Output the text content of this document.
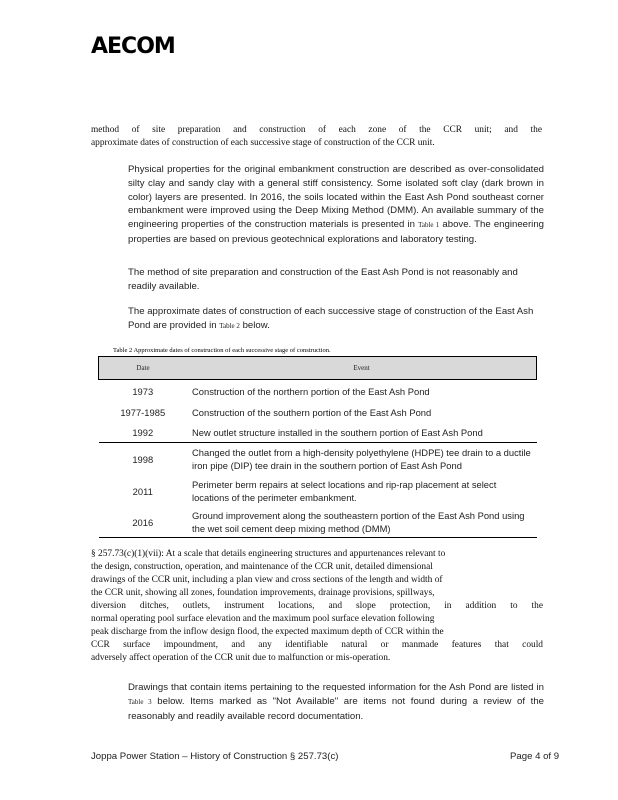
AECOM

method of site preparation and construction of each zone of the CCR unit; and the

approximate dates of construction of each successive stage of construction of the CCR unit.

Physical properties for the original embankment construction are described as over-consolidated silty clay and sandy clay with a general stiff consistency. Some isolated soft clay (dark brown in color) layers are presented. In 2016, the soils located within the East Ash Pond southeast corner embankment were improved using the Deep Mixing Method (DMM). An available summary of the engineering properties of the construction materials is presented in Table 1 above. The engineering properties are based on previous geotechnical explorations and laboratory testing.

The method of site preparation and construction of the East Ash Pond is not reasonably and readily available.

The approximate dates of construction of each successive stage of construction of the East Ash Pond are provided in Table 2 below.

Table 2 Approximate dates of construction of each successive stage of construction.
Date	Event
1973	Construction of the northern portion of the East Ash Pond
1977-1985	Construction of the southern portion of the East Ash Pond
1992	New outlet structure installed in the southern portion of East Ash Pond
1998	Changed the outlet from a high-density polyethylene (HDPE) tee drain to a ductile iron pipe (DIP) tee drain in the southern portion of East Ash Pond
2011	Perimeter berm repairs at select locations and rip-rap placement at select locations of the perimeter embankment.
2016	Ground improvement along the southeastern portion of the East Ash Pond using the wet soil cement deep mixing method (DMM)

§ 257.73(c)(1)(vii): At a scale that details engineering structures and appurtenances relevant to

the design, construction, operation, and maintenance of the CCR unit, detailed dimensional

drawings of the CCR unit, including a plan view and cross sections of the length and width of

the CCR unit, showing all zones, foundation improvements, drainage provisions, spillways,

diversion ditches, outlets, instrument locations, and slope protection, in addition to the

normal operating pool surface elevation and the maximum pool surface elevation following

peak discharge from the inflow design flood, the expected maximum depth of CCR within the

CCR surface impoundment, and any identifiable natural or manmade features that could

adversely affect operation of the CCR unit due to malfunction or mis-operation.

Drawings that contain items pertaining to the requested information for the Ash Pond are listed in Table 3 below. Items marked as "Not Available" are items not found during a review of the reasonably and readily available record documentation.

Joppa Power Station – History of Construction § 257.73(c)	Page 4 of 9
